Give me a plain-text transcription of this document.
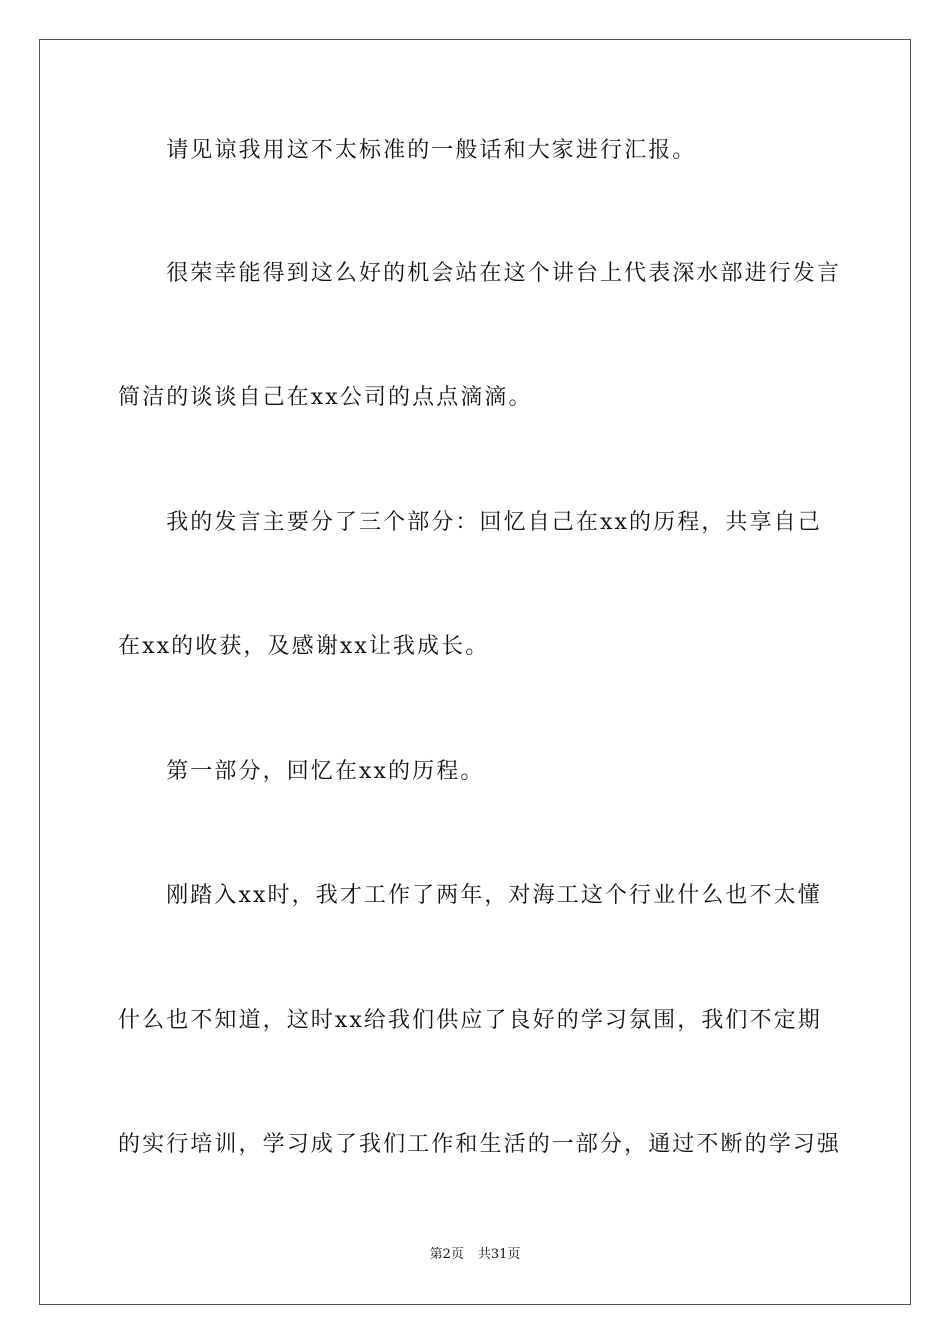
　　请见谅我用这不太标准的一般话和大家进行汇报。
　　很荣幸能得到这么好的机会站在这个讲台上代表深水部进行发言
简洁的谈谈自己在xx公司的点点滴滴。
　　我的发言主要分了三个部分：回忆自己在xx的历程，共享自己
在xx的收获，及感谢xx让我成长。
　　第一部分，回忆在xx的历程。
　　刚踏入xx时，我才工作了两年，对海工这个行业什么也不太懂
什么也不知道，这时xx给我们供应了良好的学习氛围，我们不定期
的实行培训，学习成了我们工作和生活的一部分，通过不断的学习强
第2页 共31页
